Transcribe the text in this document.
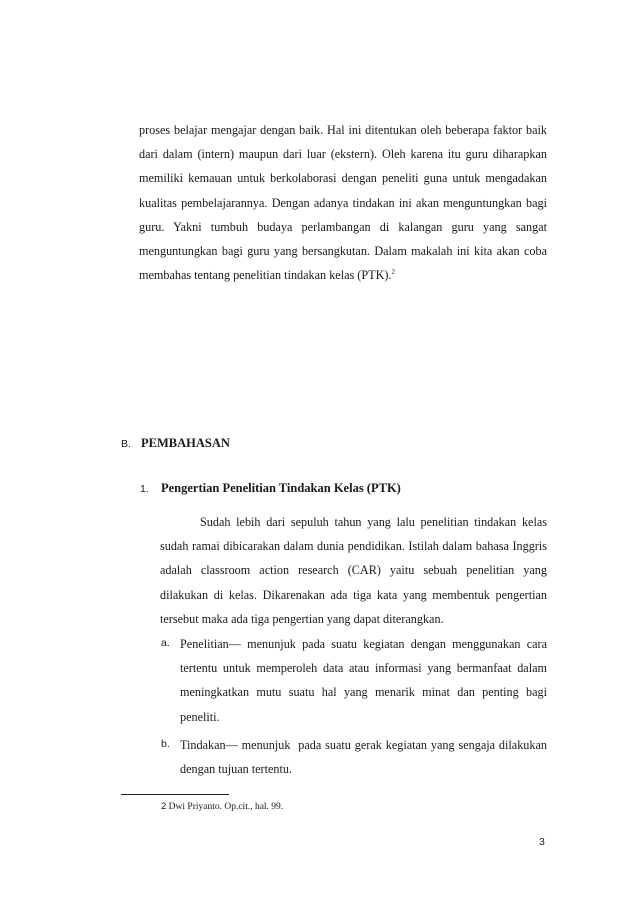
proses belajar mengajar dengan baik. Hal ini ditentukan oleh beberapa faktor baik dari dalam (intern) maupun dari luar (ekstern). Oleh karena itu guru diharapkan memiliki kemauan untuk berkolaborasi dengan peneliti guna untuk mengadakan kualitas pembelajarannya. Dengan adanya tindakan ini akan menguntungkan bagi guru. Yakni tumbuh budaya perlambangan di kalangan guru yang sangat menguntungkan bagi guru yang bersangkutan. Dalam makalah ini kita akan coba membahas tentang penelitian tindakan kelas (PTK).$^2$

B. PEMBAHASAN

1. Pengertian Penelitian Tindakan Kelas (PTK)

Sudah lebih dari sepuluh tahun yang lalu penelitian tindakan kelas sudah ramai dibicarakan dalam dunia pendidikan. Istilah dalam bahasa Inggris adalah classroom action research (CAR) yaitu sebuah penelitian yang dilakukan di kelas. Dikarenakan ada tiga kata yang membentuk pengertian tersebut maka ada tiga pengertian yang dapat diterangkan.

a. Penelitian— menunjuk pada suatu kegiatan dengan menggunakan cara tertentu untuk memperoleh data atau informasi yang bermanfaat dalam meningkatkan mutu suatu hal yang menarik minat dan penting bagi peneliti.

b. Tindakan— menunjuk  pada suatu gerak kegiatan yang sengaja dilakukan dengan tujuan tertentu.

2 Dwi Priyanto. Op.cit., hal. 99.

3
